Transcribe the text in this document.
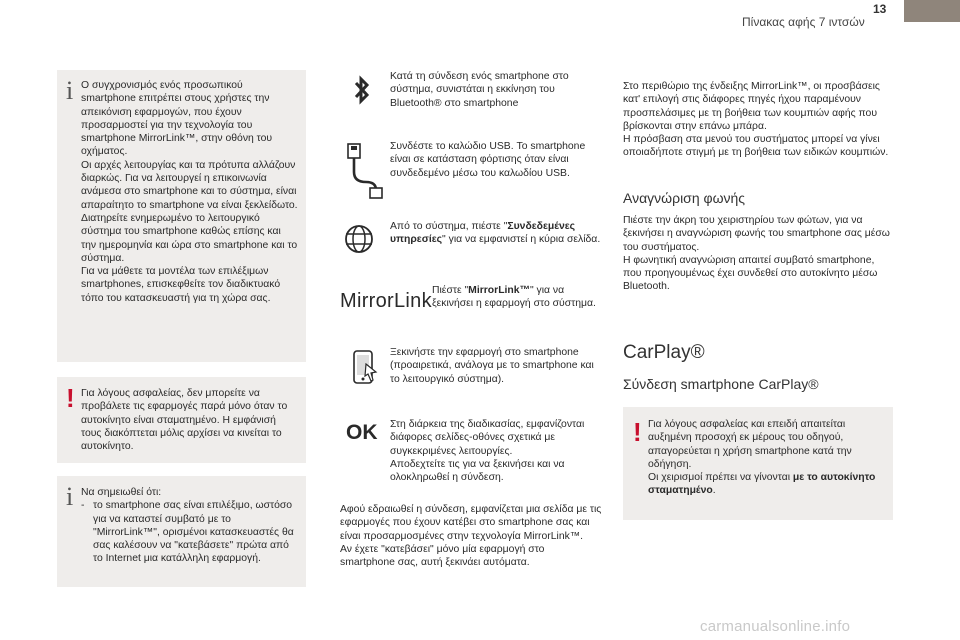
13
Πίνακας αφής 7 ιντσών
i Ο συγχρονισμός ενός προσωπικού smartphone επιτρέπει στους χρήστες την απεικόνιση εφαρμογών, που έχουν προσαρμοστεί για την τεχνολογία του smartphone MirrorLink™, στην οθόνη του οχήματος.

Οι αρχές λειτουργίας και τα πρότυπα αλλάζουν διαρκώς. Για να λειτουργεί η επικοινωνία ανάμεσα στο smartphone και το σύστημα, είναι απαραίτητο το smartphone να είναι ξεκλείδωτο. Διατηρείτε ενημερωμένο το λειτουργικό σύστημα του smartphone καθώς επίσης και την ημερομηνία και ώρα στο smartphone και το σύστημα.

Για να μάθετε τα μοντέλα των επιλέξιμων smartphones, επισκεφθείτε τον διαδικτυακό τόπο του κατασκευαστή για τη χώρα σας.

! Για λόγους ασφαλείας, δεν μπορείτε να προβάλετε τις εφαρμογές παρά μόνο όταν το αυτοκίνητο είναι σταματημένο. Η εμφάνισή τους διακόπτεται μόλις αρχίσει να κινείται το αυτοκίνητο.

i Να σημειωθεί ότι:

- το smartphone σας είναι επιλέξιμο, ωστόσο για να καταστεί συμβατό με το "MirrorLink™", ορισμένοι κατασκευαστές θα σας καλέσουν να "κατεβάσετε" πρώτα από το Internet μια κατάλληλη εφαρμογή.
Κατά τη σύνδεση ενός smartphone στο σύστημα, συνιστάται η εκκίνηση του Bluetooth® στο smartphone
Συνδέστε το καλώδιο USB. Το smartphone είναι σε κατάσταση φόρτισης όταν είναι συνδεδεμένο μέσω του καλωδίου USB.
Από το σύστημα, πιέστε "Συνδεδεμένες υπηρεσίες" για να εμφανιστεί η κύρια σελίδα.
MirrorLink Πιέστε "MirrorLink™" για να ξεκινήσει η εφαρμογή στο σύστημα.
Ξεκινήστε την εφαρμογή στο smartphone (προαιρετικά, ανάλογα με το smartphone και το λειτουργικό σύστημα).
OK Στη διάρκεια της διαδικασίας, εμφανίζονται διάφορες σελίδες-οθόνες σχετικά με συγκεκριμένες λειτουργίες.
Αποδεχτείτε τις για να ξεκινήσει και να ολοκληρωθεί η σύνδεση.
Αφού εδραιωθεί η σύνδεση, εμφανίζεται μια σελίδα με τις εφαρμογές που έχουν κατέβει στο smartphone σας και είναι προσαρμοσμένες στην τεχνολογία MirrorLink™.
Αν έχετε "κατεβάσει" μόνο μία εφαρμογή στο smartphone σας, αυτή ξεκινάει αυτόματα.
Στο περιθώριο της ένδειξης MirrorLink™, οι προσβάσεις κατ' επιλογή στις διάφορες πηγές ήχου παραμένουν προσπελάσιμες με τη βοήθεια των κουμπιών αφής που βρίσκονται στην επάνω μπάρα.
Η πρόσβαση στα μενού του συστήματος μπορεί να γίνει οποιαδήποτε στιγμή με τη βοήθεια των ειδικών κουμπιών.
Αναγνώριση φωνής
Πιέστε την άκρη του χειριστηρίου των φώτων, για να ξεκινήσει η αναγνώριση φωνής του smartphone σας μέσω του συστήματος.
Η φωνητική αναγνώριση απαιτεί συμβατό smartphone, που προηγουμένως έχει συνδεθεί στο αυτοκίνητο μέσω Bluetooth.
CarPlay®
Σύνδεση smartphone CarPlay®
! Για λόγους ασφαλείας και επειδή απαιτείται αυξημένη προσοχή εκ μέρους του οδηγού, απαγορεύεται η χρήση smartphone κατά την οδήγηση.
Οι χειρισμοί πρέπει να γίνονται με το αυτοκίνητο σταματημένο.
carmanualsonline.info
